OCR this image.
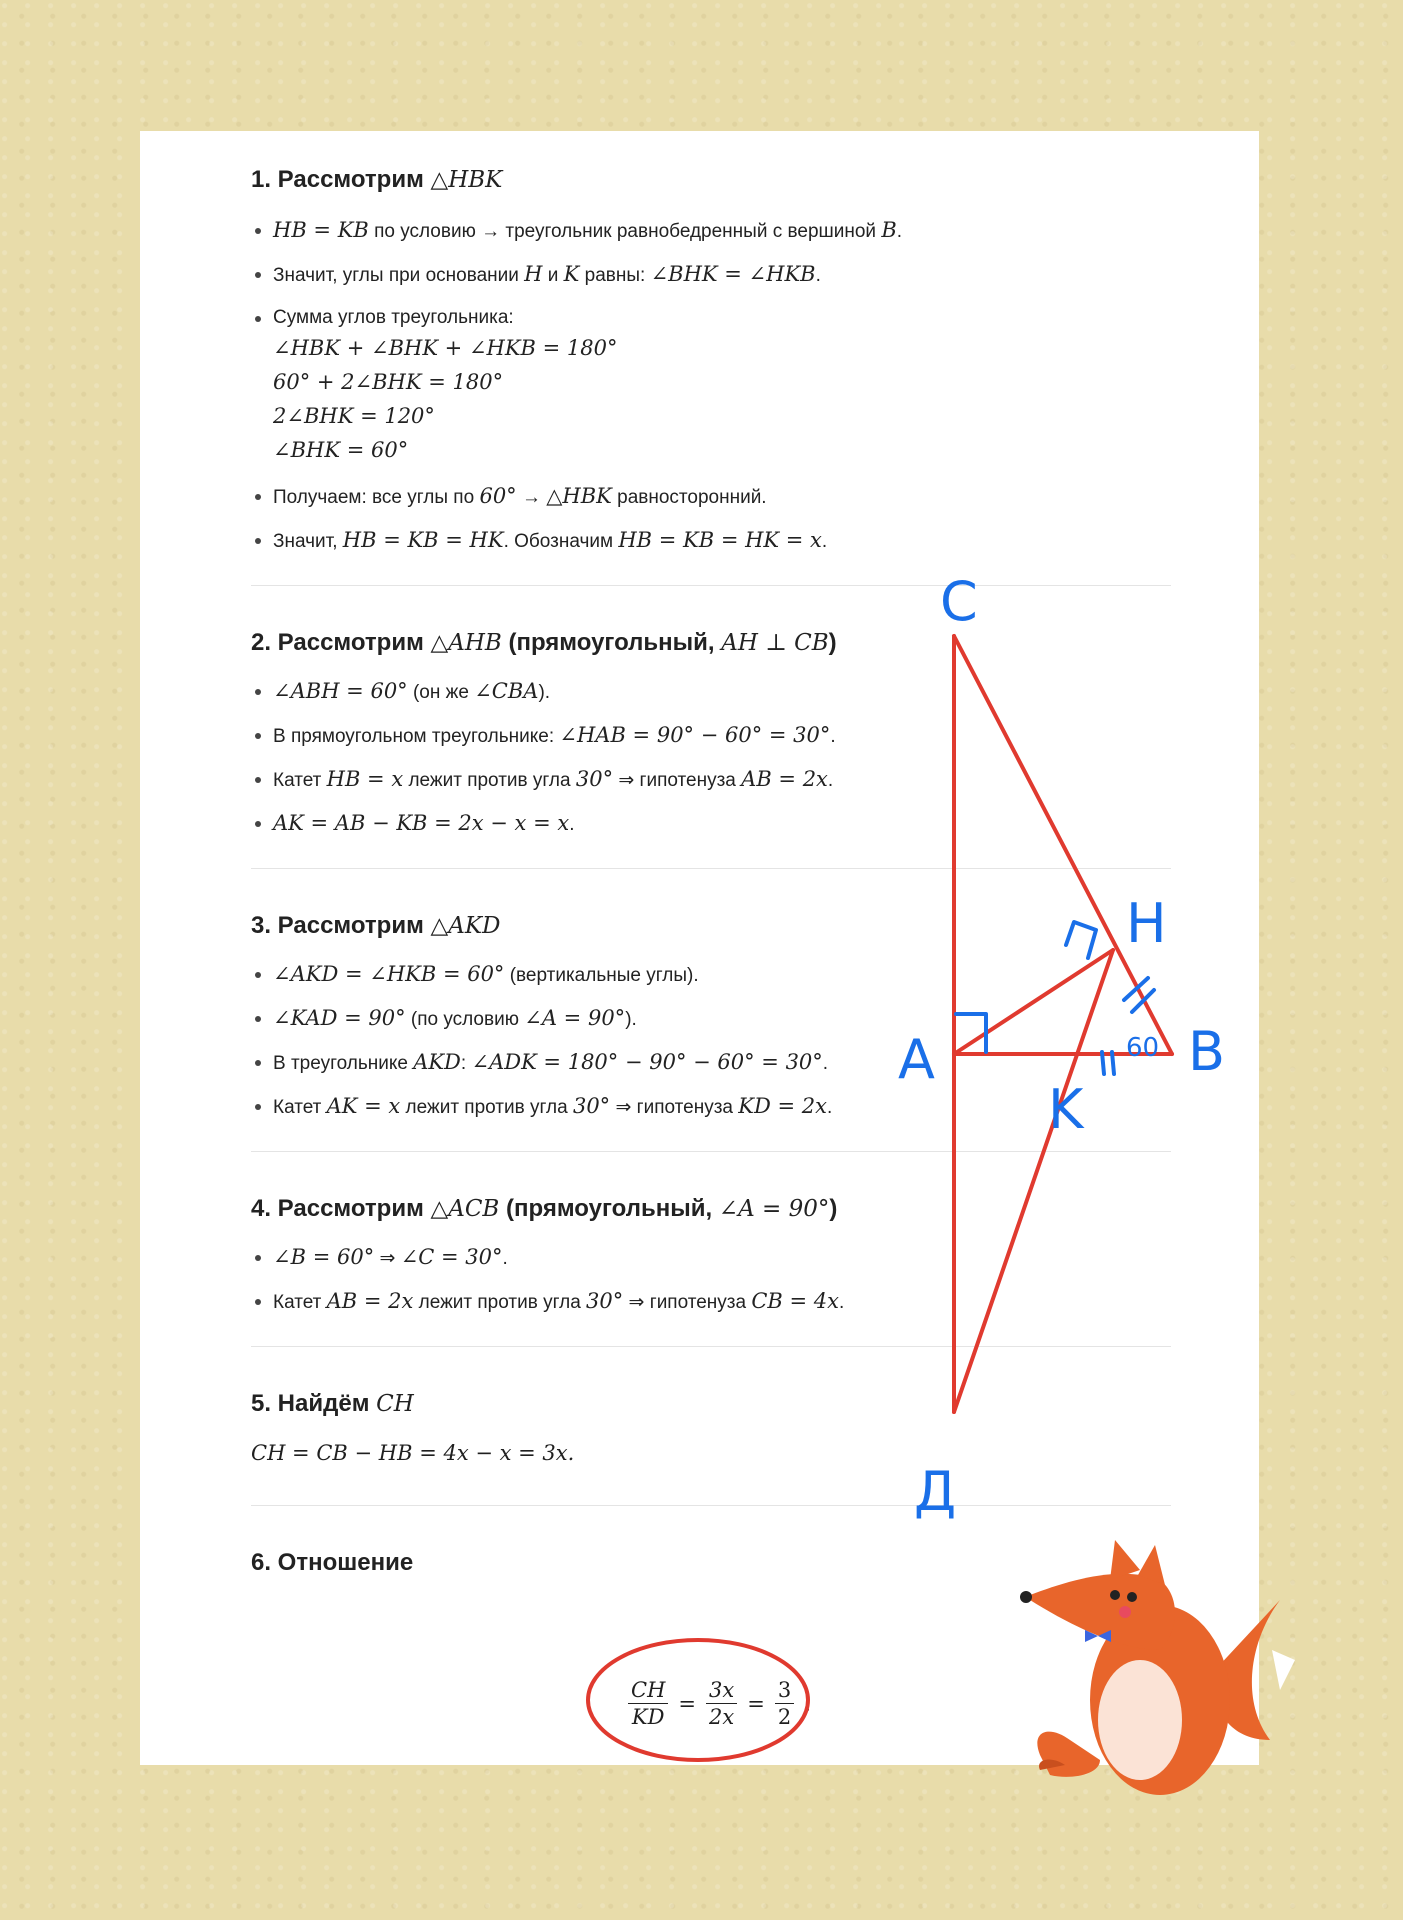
1. Рассмотрим △HBK
HB = KB по условию → треугольник равнобедренный с вершиной B.
Значит, углы при основании H и K равны: ∠BHK = ∠HKB.
Сумма углов треугольника:
∠HBK + ∠BHK + ∠HKB = 180°
60° + 2∠BHK = 180°
2∠BHK = 120°
∠BHK = 60°
Получаем: все углы по 60° → △HBK равносторонний.
Значит, HB = KB = HK. Обозначим HB = KB = HK = x.
2. Рассмотрим △AHB (прямоугольный, AH ⊥ CB)
∠ABH = 60° (он же ∠CBA).
В прямоугольном треугольнике: ∠HAB = 90° − 60° = 30°.
Катет HB = x лежит против угла 30° ⇒ гипотенуза AB = 2x.
AK = AB − KB = 2x − x = x.
3. Рассмотрим △AKD
∠AKD = ∠HKB = 60° (вертикальные углы).
∠KAD = 90° (по условию ∠A = 90°).
В треугольнике AKD: ∠ADK = 180° − 90° − 60° = 30°.
Катет AK = x лежит против угла 30° ⇒ гипотенуза KD = 2x.
4. Рассмотрим △ACB (прямоугольный, ∠A = 90°)
∠B = 60° ⇒ ∠C = 30°.
Катет AB = 2x лежит против угла 30° ⇒ гипотенуза CB = 4x.
5. Найдём CH

CH = CB − HB = 4x − x = 3x.

6. Отношение
$\frac{CH}{KD} = \frac{3x}{2x} = \frac{3}{2}$ .
C
H
A	B
K
Д
60
